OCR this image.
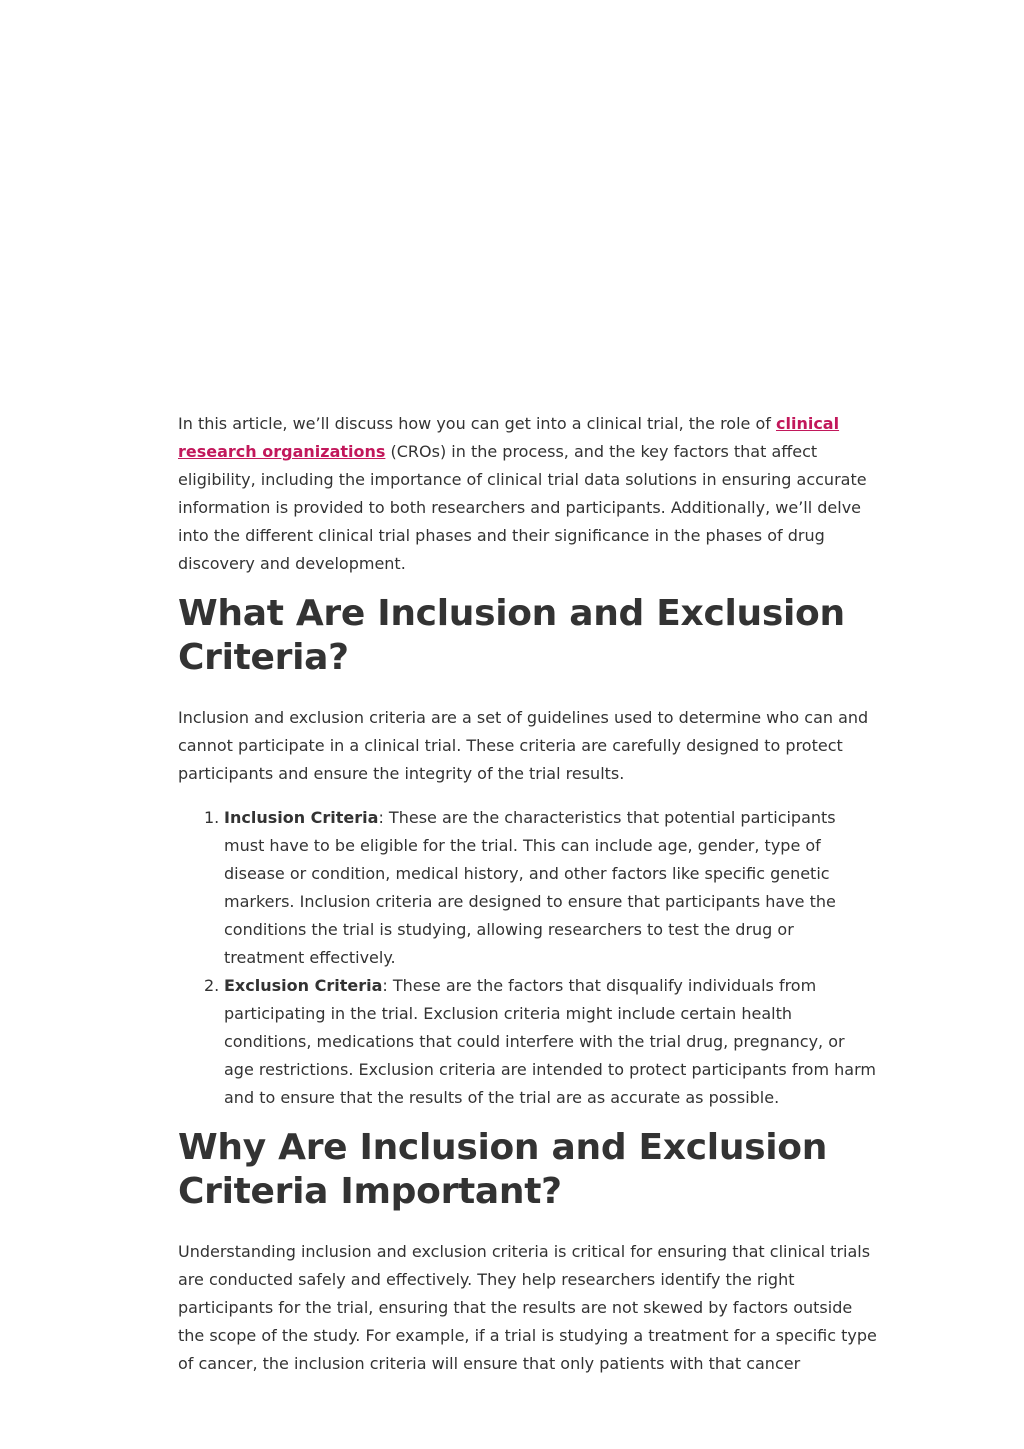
In this article, we’ll discuss how you can get into a clinical trial, the role of clinical research organizations (CROs) in the process, and the key factors that affect eligibility, including the importance of clinical trial data solutions in ensuring accurate information is provided to both researchers and participants. Additionally, we’ll delve into the different clinical trial phases and their significance in the phases of drug discovery and development.

What Are Inclusion and Exclusion Criteria?

Inclusion and exclusion criteria are a set of guidelines used to determine who can and cannot participate in a clinical trial. These criteria are carefully designed to protect participants and ensure the integrity of the trial results.

1. Inclusion Criteria: These are the characteristics that potential participants must have to be eligible for the trial. This can include age, gender, type of disease or condition, medical history, and other factors like specific genetic markers. Inclusion criteria are designed to ensure that participants have the conditions the trial is studying, allowing researchers to test the drug or treatment effectively.
2. Exclusion Criteria: These are the factors that disqualify individuals from participating in the trial. Exclusion criteria might include certain health conditions, medications that could interfere with the trial drug, pregnancy, or age restrictions. Exclusion criteria are intended to protect participants from harm and to ensure that the results of the trial are as accurate as possible.
Why Are Inclusion and Exclusion Criteria Important?

Understanding inclusion and exclusion criteria is critical for ensuring that clinical trials are conducted safely and effectively. They help researchers identify the right participants for the trial, ensuring that the results are not skewed by factors outside the scope of the study. For example, if a trial is studying a treatment for a specific type of cancer, the inclusion criteria will ensure that only patients with that cancer
